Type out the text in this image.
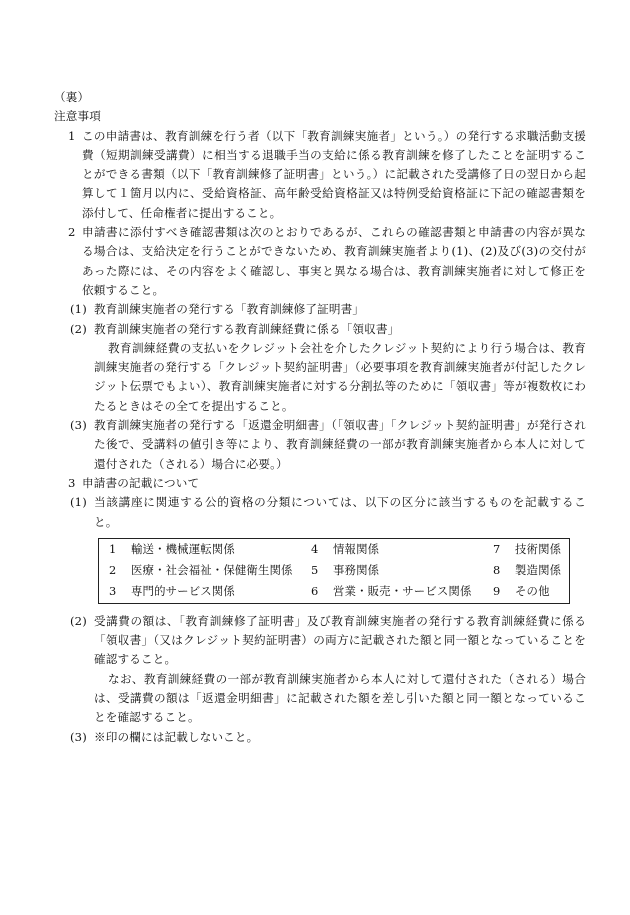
（裏）
注意事項
1 この申請書は、教育訓練を行う者（以下「教育訓練実施者」という。）の発行する求職活動支援費（短期訓練受講費）に相当する退職手当の支給に係る教育訓練を修了したことを証明することができる書類（以下「教育訓練修了証明書」という。）に記載された受講修了日の翌日から起算して１箇月以内に、受給資格証、高年齢受給資格証又は特例受給資格証に下記の確認書類を添付して、任命権者に提出すること。
2 申請書に添付すべき確認書類は次のとおりであるが、これらの確認書類と申請書の内容が異なる場合は、支給決定を行うことができないため、教育訓練実施者より(1)、(2)及び(3)の交付があった際には、その内容をよく確認し、事実と異なる場合は、教育訓練実施者に対して修正を依頼すること。
(1) 教育訓練実施者の発行する「教育訓練修了証明書」
(2) 教育訓練実施者の発行する教育訓練経費に係る「領収書」
教育訓練経費の支払いをクレジット会社を介したクレジット契約により行う場合は、教育訓練実施者の発行する「クレジット契約証明書」（必要事項を教育訓練実施者が付記したクレジット伝票でもよい）、教育訓練実施者に対する分割払等のために「領収書」等が複数枚にわたるときはその全てを提出すること。
(3) 教育訓練実施者の発行する「返還金明細書」（「領収書」「クレジット契約証明書」が発行された後で、受講料の値引き等により、教育訓練経費の一部が教育訓練実施者から本人に対して還付された（される）場合に必要。）
3 申請書の記載について
(1) 当該講座に関連する公的資格の分類については、以下の区分に該当するものを記載すること。
1	輸送・機械運転関係	4	情報関係	7	技術関係
2	医療・社会福祉・保健衛生関係	5	事務関係	8	製造関係
3	専門的サービス関係	6	営業・販売・サービス関係	9	その他
(2) 受講費の額は、「教育訓練修了証明書」及び教育訓練実施者の発行する教育訓練経費に係る「領収書」（又はクレジット契約証明書）の両方に記載された額と同一額となっていることを確認すること。
なお、教育訓練経費の一部が教育訓練実施者から本人に対して還付された（される）場合は、受講費の額は「返還金明細書」に記載された額を差し引いた額と同一額となっていることを確認すること。
(3) ※印の欄には記載しないこと。
